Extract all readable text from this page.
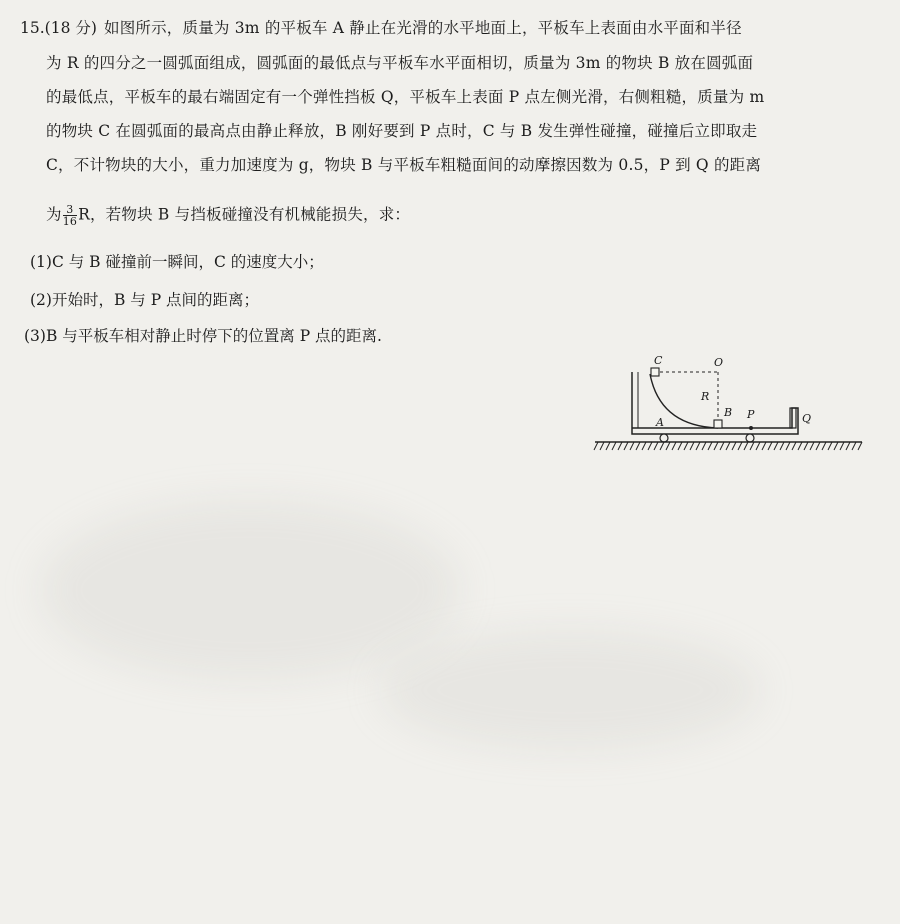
15.(18 分) 如图所示，质量为 3m 的平板车 A 静止在光滑的水平地面上，平板车上表面由水平面和半径
为 R 的四分之一圆弧面组成，圆弧面的最低点与平板车水平面相切，质量为 3m 的物块 B 放在圆弧面
的最低点，平板车的最右端固定有一个弹性挡板 Q，平板车上表面 P 点左侧光滑，右侧粗糙，质量为 m
的物块 C 在圆弧面的最高点由静止释放，B 刚好要到 P 点时，C 与 B 发生弹性碰撞，碰撞后立即取走
C，不计物块的大小，重力加速度为 g，物块 B 与平板车粗糙面间的动摩擦因数为 0.5，P 到 Q 的距离
为 $\frac{3}{16}$ R，若物块 B 与挡板碰撞没有机械能损失，求：
(1)C 与 B 碰撞前一瞬间，C 的速度大小；
(2)开始时，B 与 P 点间的距离；
(3)B 与平板车相对静止时停下的位置离 P 点的距离.
C	O
R
B P	Q
A
